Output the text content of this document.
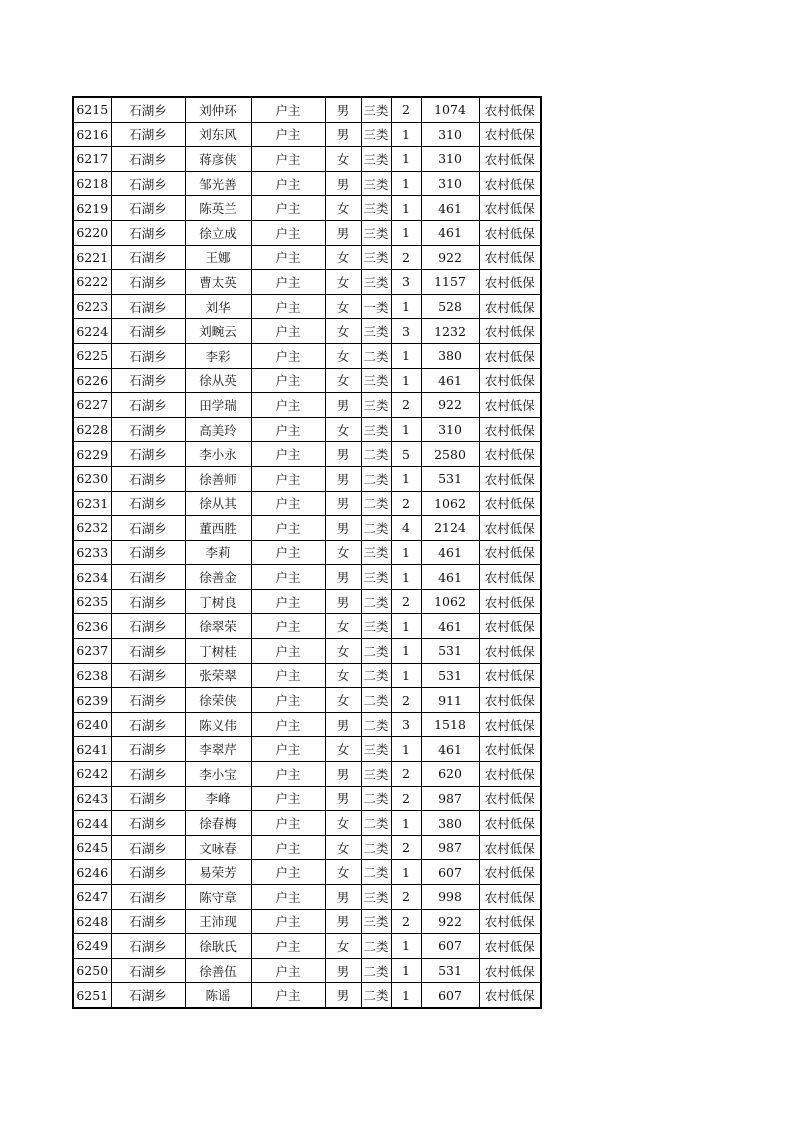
6215	石湖乡	刘仲环	户主	男	三类	2	1074	农村低保
6216	石湖乡	刘东风	户主	男	三类	1	310	农村低保
6217	石湖乡	蒋彦侠	户主	女	三类	1	310	农村低保
6218	石湖乡	邹光善	户主	男	三类	1	310	农村低保
6219	石湖乡	陈英兰	户主	女	三类	1	461	农村低保
6220	石湖乡	徐立成	户主	男	三类	1	461	农村低保
6221	石湖乡	王娜	户主	女	三类	2	922	农村低保
6222	石湖乡	曹太英	户主	女	三类	3	1157	农村低保
6223	石湖乡	刘华	户主	女	一类	1	528	农村低保
6224	石湖乡	刘畹云	户主	女	三类	3	1232	农村低保
6225	石湖乡	李彩	户主	女	二类	1	380	农村低保
6226	石湖乡	徐从英	户主	女	三类	1	461	农村低保
6227	石湖乡	田学瑞	户主	男	三类	2	922	农村低保
6228	石湖乡	高美玲	户主	女	三类	1	310	农村低保
6229	石湖乡	李小永	户主	男	二类	5	2580	农村低保
6230	石湖乡	徐善师	户主	男	二类	1	531	农村低保
6231	石湖乡	徐从其	户主	男	二类	2	1062	农村低保
6232	石湖乡	董西胜	户主	男	二类	4	2124	农村低保
6233	石湖乡	李莉	户主	女	三类	1	461	农村低保
6234	石湖乡	徐善金	户主	男	三类	1	461	农村低保
6235	石湖乡	丁树良	户主	男	二类	2	1062	农村低保
6236	石湖乡	徐翠荣	户主	女	三类	1	461	农村低保
6237	石湖乡	丁树桂	户主	女	二类	1	531	农村低保
6238	石湖乡	张荣翠	户主	女	二类	1	531	农村低保
6239	石湖乡	徐荣侠	户主	女	二类	2	911	农村低保
6240	石湖乡	陈义伟	户主	男	二类	3	1518	农村低保
6241	石湖乡	李翠芹	户主	女	三类	1	461	农村低保
6242	石湖乡	李小宝	户主	男	三类	2	620	农村低保
6243	石湖乡	李峰	户主	男	二类	2	987	农村低保
6244	石湖乡	徐春梅	户主	女	二类	1	380	农村低保
6245	石湖乡	文咏春	户主	女	二类	2	987	农村低保
6246	石湖乡	易荣芳	户主	女	二类	1	607	农村低保
6247	石湖乡	陈守章	户主	男	三类	2	998	农村低保
6248	石湖乡	王沛现	户主	男	三类	2	922	农村低保
6249	石湖乡	徐耿氏	户主	女	二类	1	607	农村低保
6250	石湖乡	徐善伍	户主	男	二类	1	531	农村低保
6251	石湖乡	陈谣	户主	男	二类	1	607	农村低保
